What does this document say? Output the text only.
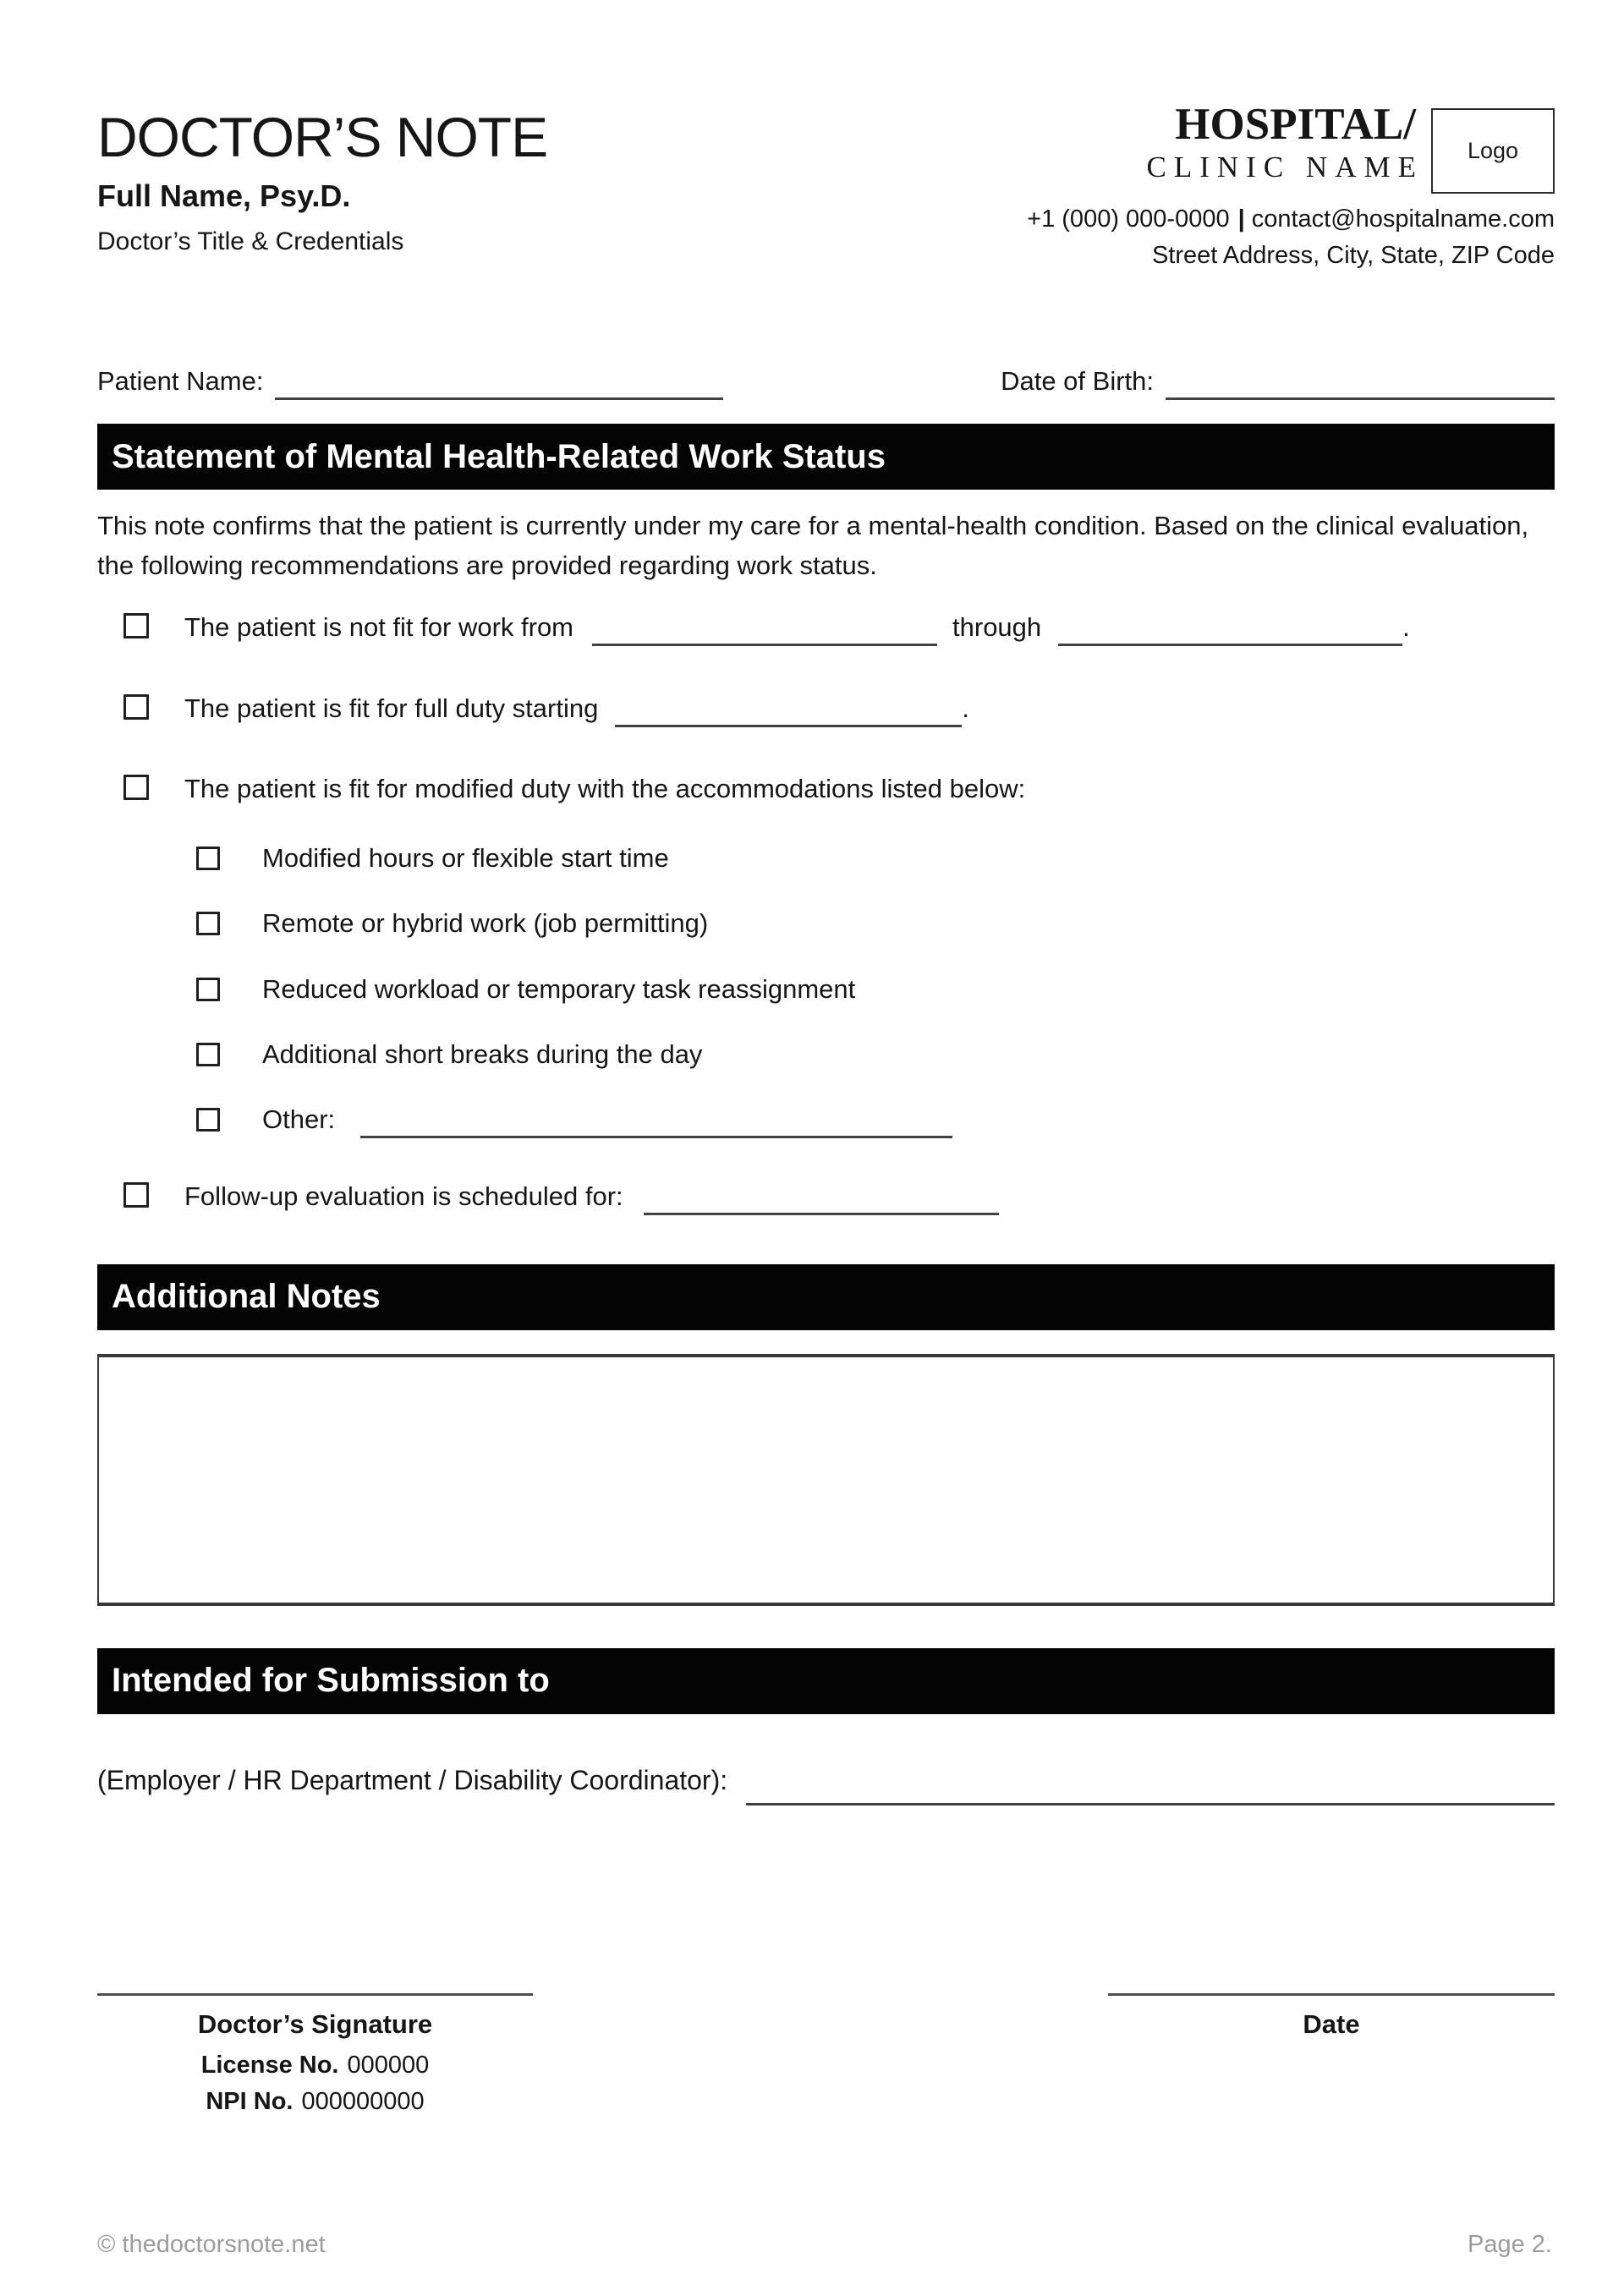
DOCTOR’S NOTE
Full Name, Psy.D.
Doctor’s Title & Credentials
HOSPITAL/
CLINIC NAME Logo
+1 (000) 000-0000 | contact@hospitalname.com
Street Address, City, State, ZIP Code
Patient Name:	Date of Birth:
Statement of Mental Health-Related Work Status

This note confirms that the patient is currently under my care for a mental-health condition. Based on the clinical evaluation, the following recommendations are provided regarding work status.

The patient is not fit for work from	through	.
The patient is fit for full duty starting	.
The patient is fit for modified duty with the accommodations listed below:
Modified hours or flexible start time
Remote or hybrid work (job permitting)
Reduced workload or temporary task reassignment
Additional short breaks during the day
Other:
Follow-up evaluation is scheduled for:
Additional Notes
Intended for Submission to
(Employer / HR Department / Disability Coordinator):
Doctor’s Signature
License No. 000000
NPI No. 000000000
Date
© thedoctorsnote.net	Page 2.
